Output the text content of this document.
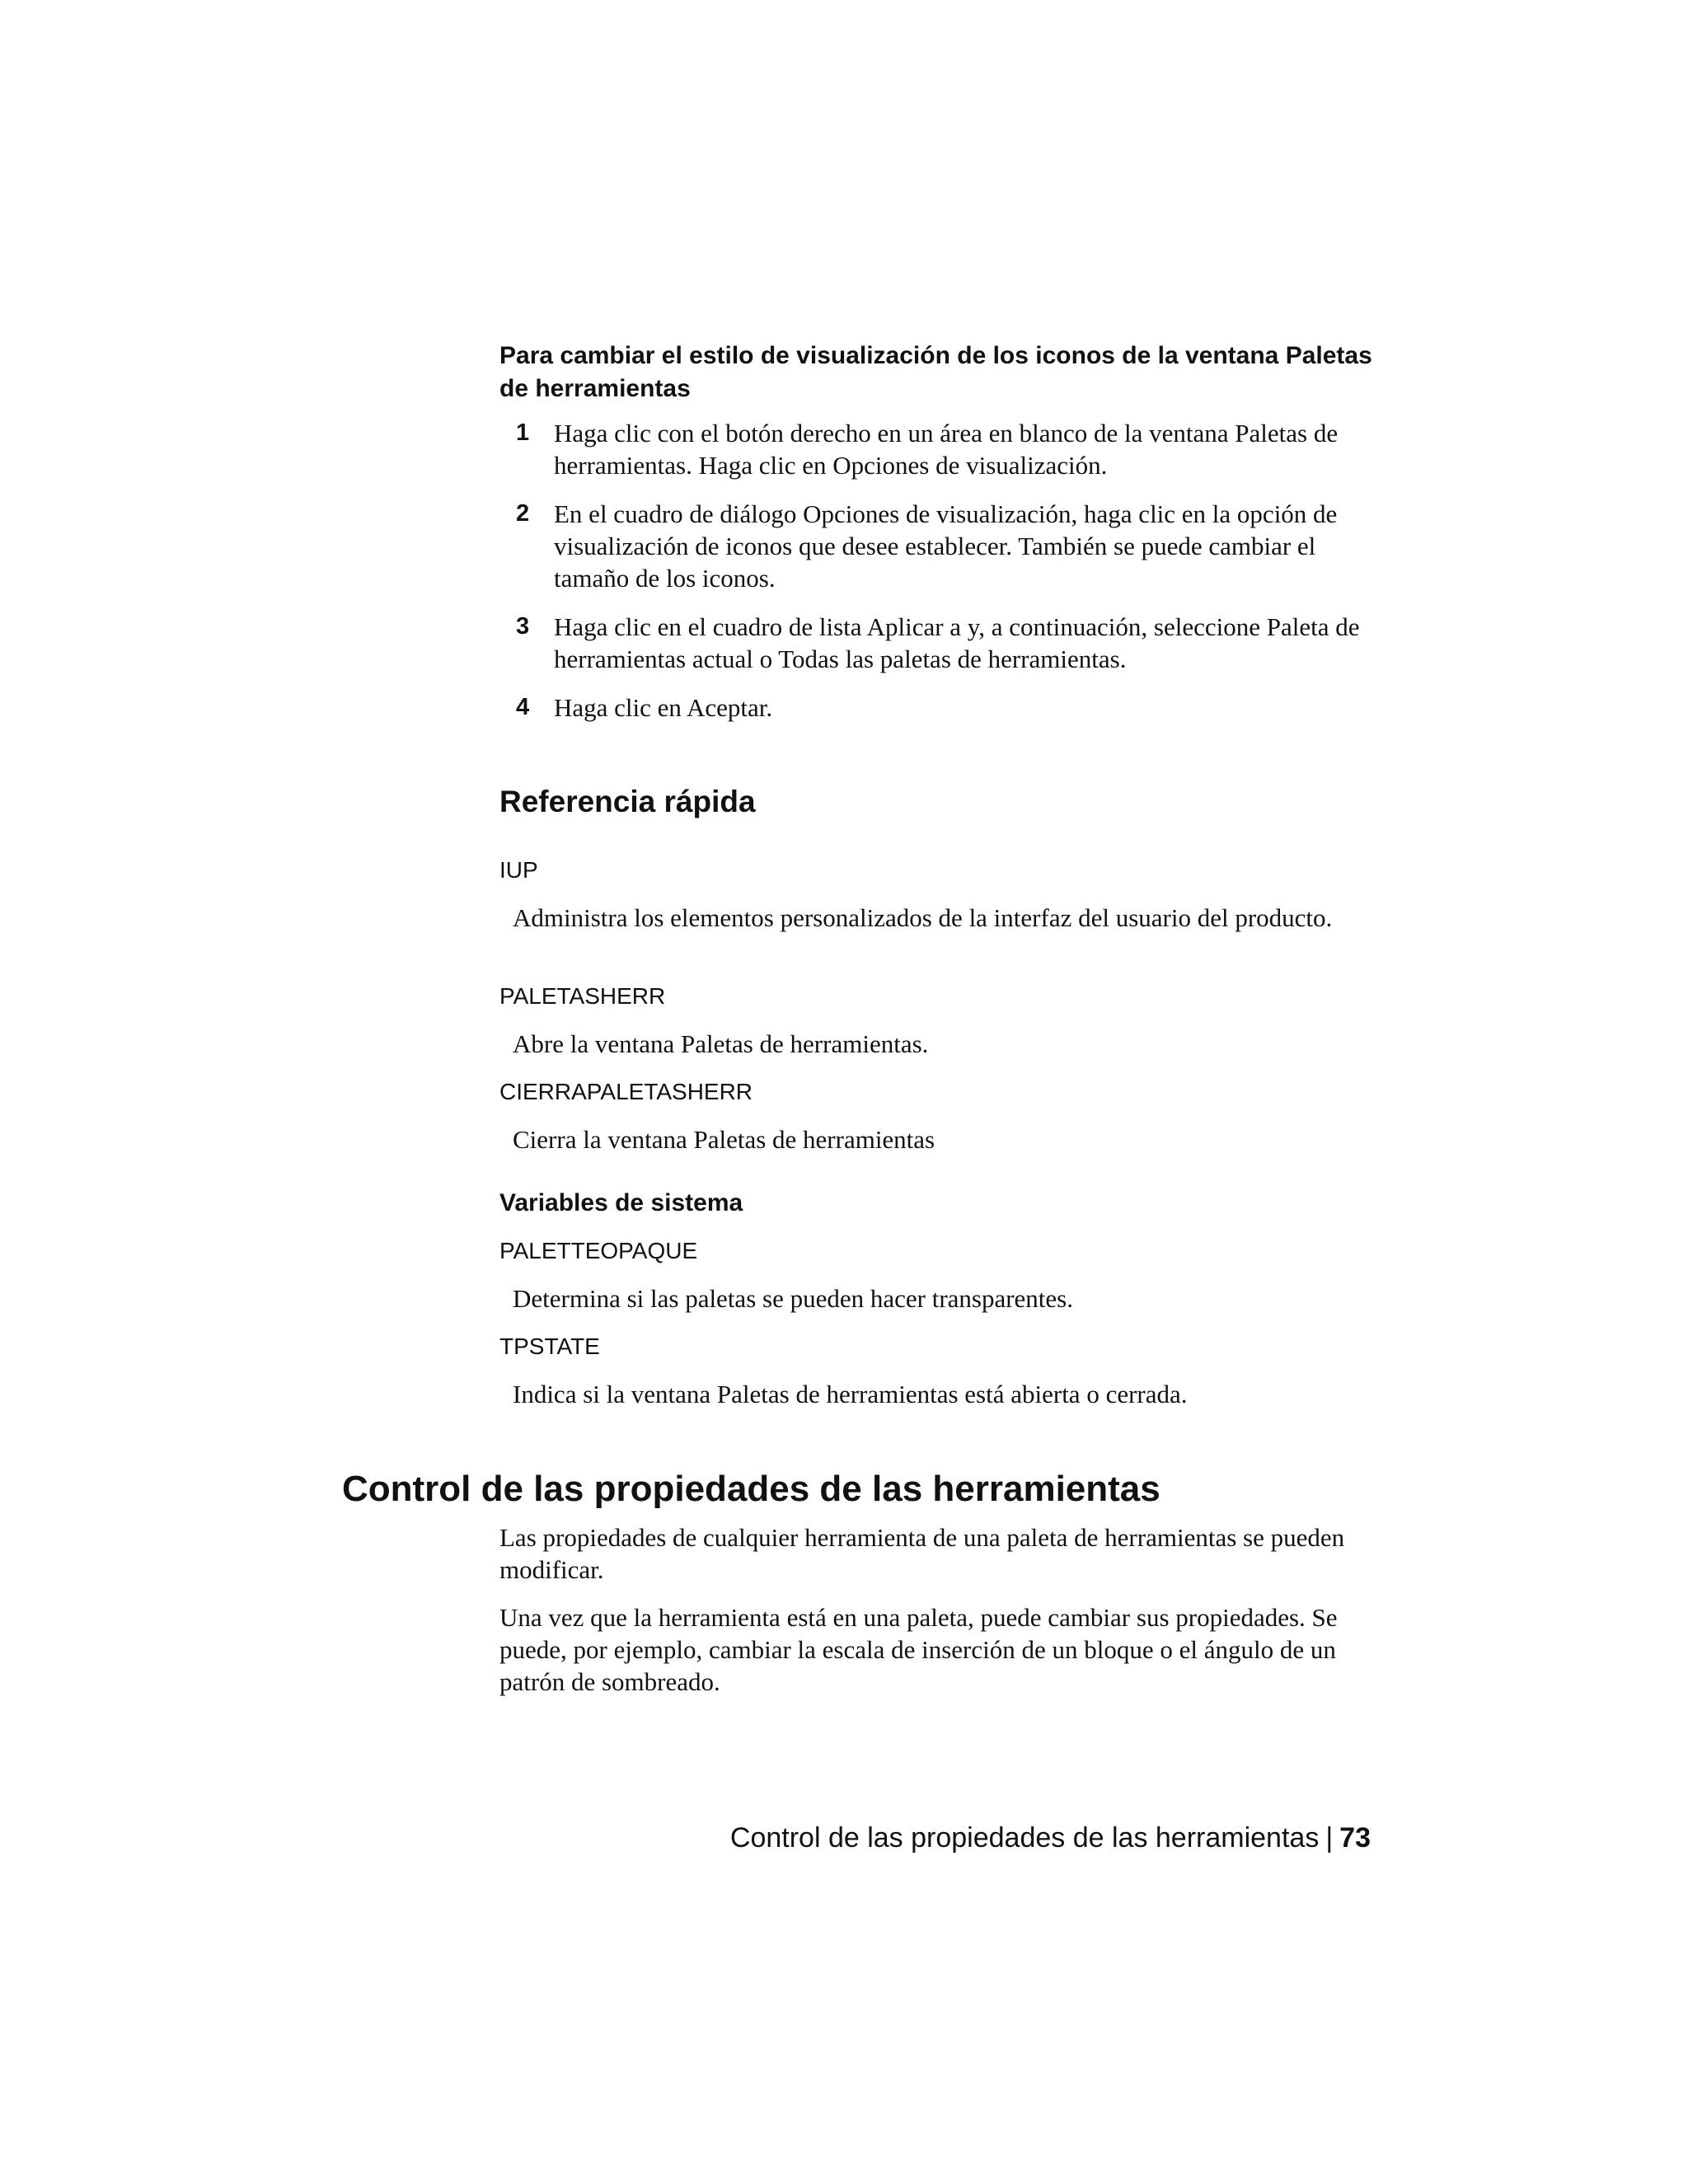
Para cambiar el estilo de visualización de los iconos de la ventana Paletas de herramientas
1 Haga clic con el botón derecho en un área en blanco de la ventana Paletas de herramientas. Haga clic en Opciones de visualización.
2 En el cuadro de diálogo Opciones de visualización, haga clic en la opción de visualización de iconos que desee establecer. También se puede cambiar el tamaño de los iconos.
3 Haga clic en el cuadro de lista Aplicar a y, a continuación, seleccione Paleta de herramientas actual o Todas las paletas de herramientas.
4 Haga clic en Aceptar.
Referencia rápida

IUP

Administra los elementos personalizados de la interfaz del usuario del producto.

PALETASHERR

Abre la ventana Paletas de herramientas.

CIERRAPALETASHERR

Cierra la ventana Paletas de herramientas

Variables de sistema

PALETTEOPAQUE

Determina si las paletas se pueden hacer transparentes.

TPSTATE

Indica si la ventana Paletas de herramientas está abierta o cerrada.

Control de las propiedades de las herramientas

Las propiedades de cualquier herramienta de una paleta de herramientas se pueden modificar.

Una vez que la herramienta está en una paleta, puede cambiar sus propiedades. Se puede, por ejemplo, cambiar la escala de inserción de un bloque o el ángulo de un patrón de sombreado.

Control de las propiedades de las herramientas | 73
